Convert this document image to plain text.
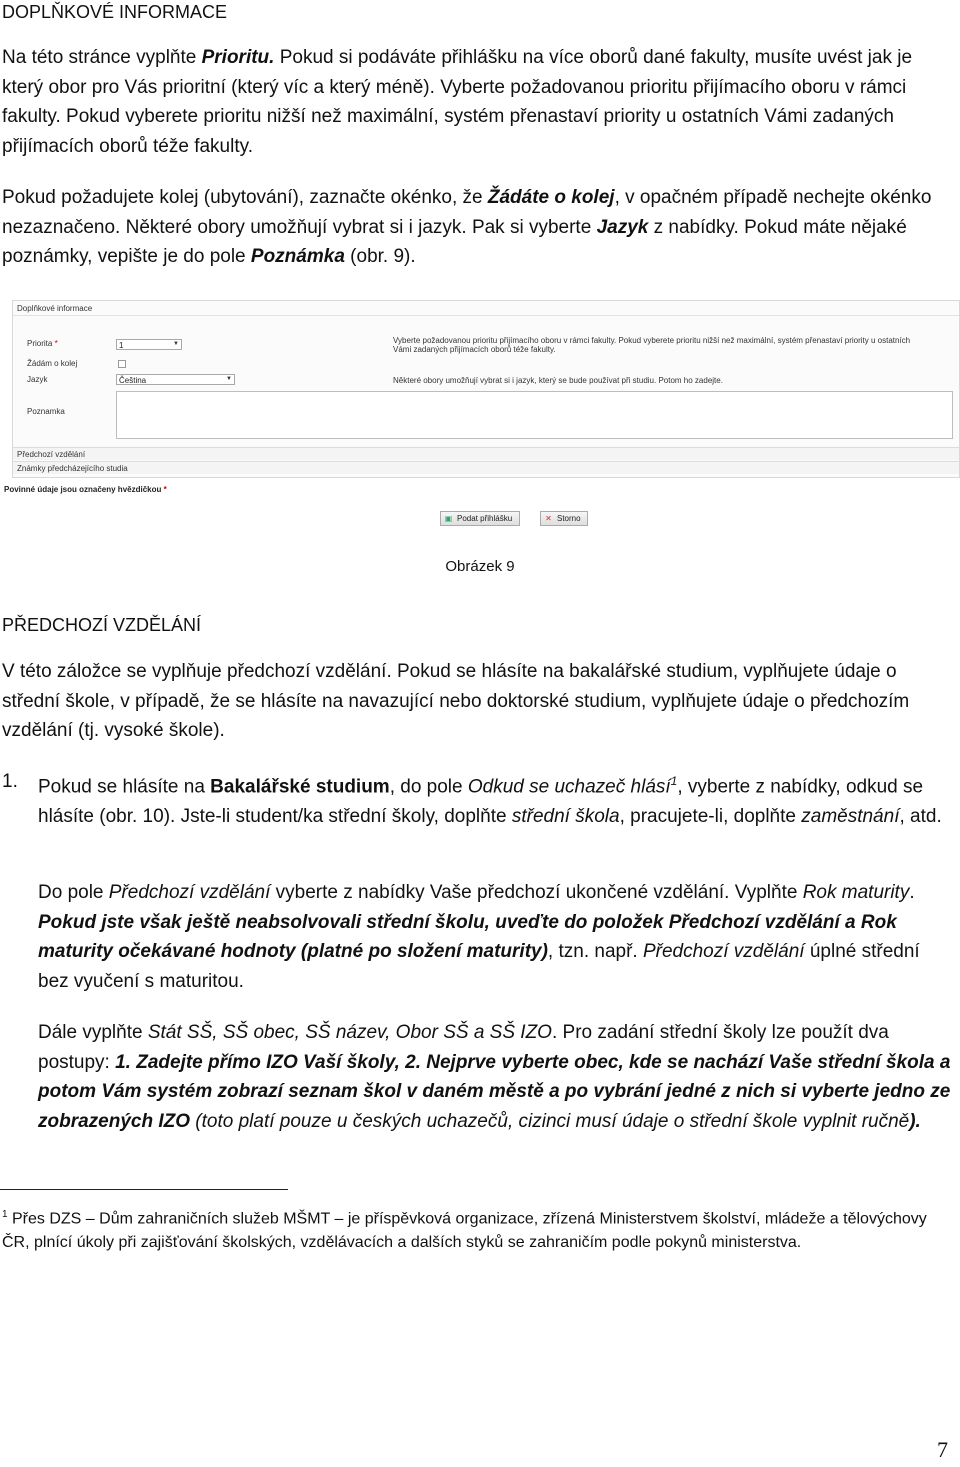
DOPLŇKOVÉ INFORMACE
Na této stránce vyplňte Prioritu. Pokud si podáváte přihlášku na více oborů dané fakulty, musíte uvést jak je který obor pro Vás prioritní (který víc a který méně). Vyberte požadovanou prioritu přijímacího oboru v rámci fakulty. Pokud vyberete prioritu nižší než maximální, systém přenastaví priority u ostatních Vámi zadaných přijímacích oborů téže fakulty.
Pokud požadujete kolej (ubytování), zaznačte okénko, že Žádáte o kolej, v opačném případě nechejte okénko nezaznačeno. Některé obory umožňují vybrat si i jazyk. Pak si vyberte Jazyk z nabídky. Pokud máte nějaké poznámky, vepište je do pole Poznámka (obr. 9).
Doplňkové informace
Priorita *	1	▼	Vyberte požadovanou prioritu přijímacího oboru v rámci fakulty. Pokud vyberete prioritu nižší než maximální, systém přenastaví priority u ostatních
Vámi zadaných přijímacích oborů téže fakulty.
Žádám o kolej
Jazyk	Čeština	▼	Některé obory umožňují vybrat si i jazyk, který se bude používat při studiu. Potom ho zadejte.
Poznamka
Předchozí vzdělání
Známky předcházejícího studia
Povinné údaje jsou označeny hvězdičkou *
▣ Podat přihlášku	✕ Storno
Obrázek 9
PŘEDCHOZÍ VZDĚLÁNÍ
V této záložce se vyplňuje předchozí vzdělání. Pokud se hlásíte na bakalářské studium, vyplňujete údaje o střední škole, v případě, že se hlásíte na navazující nebo doktorské studium, vyplňujete údaje o předchozím vzdělání (tj. vysoké škole).
1. Pokud se hlásíte na Bakalářské studium, do pole Odkud se uchazeč hlásí$^1$, vyberte z nabídky, odkud se hlásíte (obr. 10). Jste-li student/ka střední školy, doplňte střední škola, pracujete-li, doplňte zaměstnání, atd.
Do pole Předchozí vzdělání vyberte z nabídky Vaše předchozí ukončené vzdělání. Vyplňte Rok maturity. Pokud jste však ještě neabsolvovali střední školu, uveďte do položek Předchozí vzdělání a Rok maturity očekávané hodnoty (platné po složení maturity), tzn. např. Předchozí vzdělání úplné střední bez vyučení s maturitou.
Dále vyplňte Stát SŠ, SŠ obec, SŠ název, Obor SŠ a SŠ IZO. Pro zadání střední školy lze použít dva postupy: 1. Zadejte přímo IZO Vaší školy, 2. Nejprve vyberte obec, kde se nachází Vaše střední škola a potom Vám systém zobrazí seznam škol v daném městě a po vybrání jedné z nich si vyberte jedno ze zobrazených IZO (toto platí pouze u českých uchazečů, cizinci musí údaje o střední škole vyplnit ručně).
$^1$ Přes DZS – Dům zahraničních služeb MŠMT – je příspěvková organizace, zřízená Ministerstvem školství, mládeže a tělovýchovy ČR, plnící úkoly při zajišťování školských, vzdělávacích a dalších styků se zahraničím podle pokynů ministerstva.
7
